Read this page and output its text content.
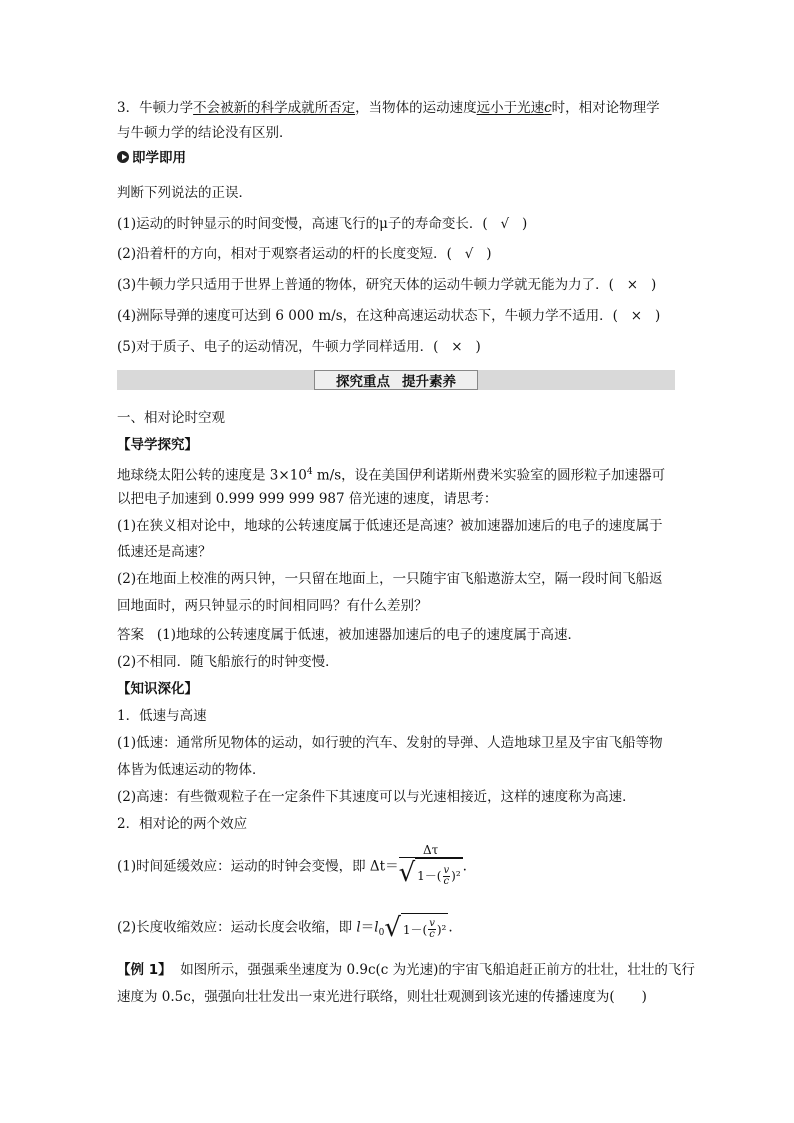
3．牛顿力学不会被新的科学成就所否定，当物体的运动速度远小于光速c时，相对论物理学
与牛顿力学的结论没有区别．
即学即用
判断下列说法的正误．
(1)运动的时钟显示的时间变慢，高速飞行的μ子的寿命变长．( √ )
(2)沿着杆的方向，相对于观察者运动的杆的长度变短．( √ )
(3)牛顿力学只适用于世界上普通的物体，研究天体的运动牛顿力学就无能为力了．( × )
(4)洲际导弹的速度可达到 6 000 m/s，在这种高速运动状态下，牛顿力学不适用．( × )
(5)对于质子、电子的运动情况，牛顿力学同样适用．( × )
探究重点 提升素养
一、相对论时空观
【导学探究】
地球绕太阳公转的速度是 $3\times 10^4$ m/s，设在美国伊利诺斯州费米实验室的圆形粒子加速器可
以把电子加速到 0.999 999 999 987 倍光速的速度，请思考：
(1)在狭义相对论中，地球的公转速度属于低速还是高速？被加速器加速后的电子的速度属于
低速还是高速？
(2)在地面上校准的两只钟，一只留在地面上，一只随宇宙飞船遨游太空，隔一段时间飞船返
回地面时，两只钟显示的时间相同吗？有什么差别？
答案 (1)地球的公转速度属于低速，被加速器加速后的电子的速度属于高速．
(2)不相同．随飞船旅行的时钟变慢．
【知识深化】
1．低速与高速
(1)低速：通常所见物体的运动，如行驶的汽车、发射的导弹、人造地球卫星及宇宙飞船等物
体皆为低速运动的物体．
(2)高速：有些微观粒子在一定条件下其速度可以与光速相接近，这样的速度称为高速．
2．相对论的两个效应
(1)时间延缓效应：运动的时钟会变慢，即 $\Delta t= \frac{\Delta\tau}{√ 1-( \frac{v}{c} )^2}$ .
(2)长度收缩效应：运动长度会收缩，即 $l=l_0$ √ $1-( \frac{v}{c} )^2$ .
【例 1】 如图所示，强强乘坐速度为 0.9c(c 为光速)的宇宙飞船追赶正前方的壮壮，壮壮的飞行
速度为 0.5c，强强向壮壮发出一束光进行联络，则壮壮观测到该光速的传播速度为(　　)
